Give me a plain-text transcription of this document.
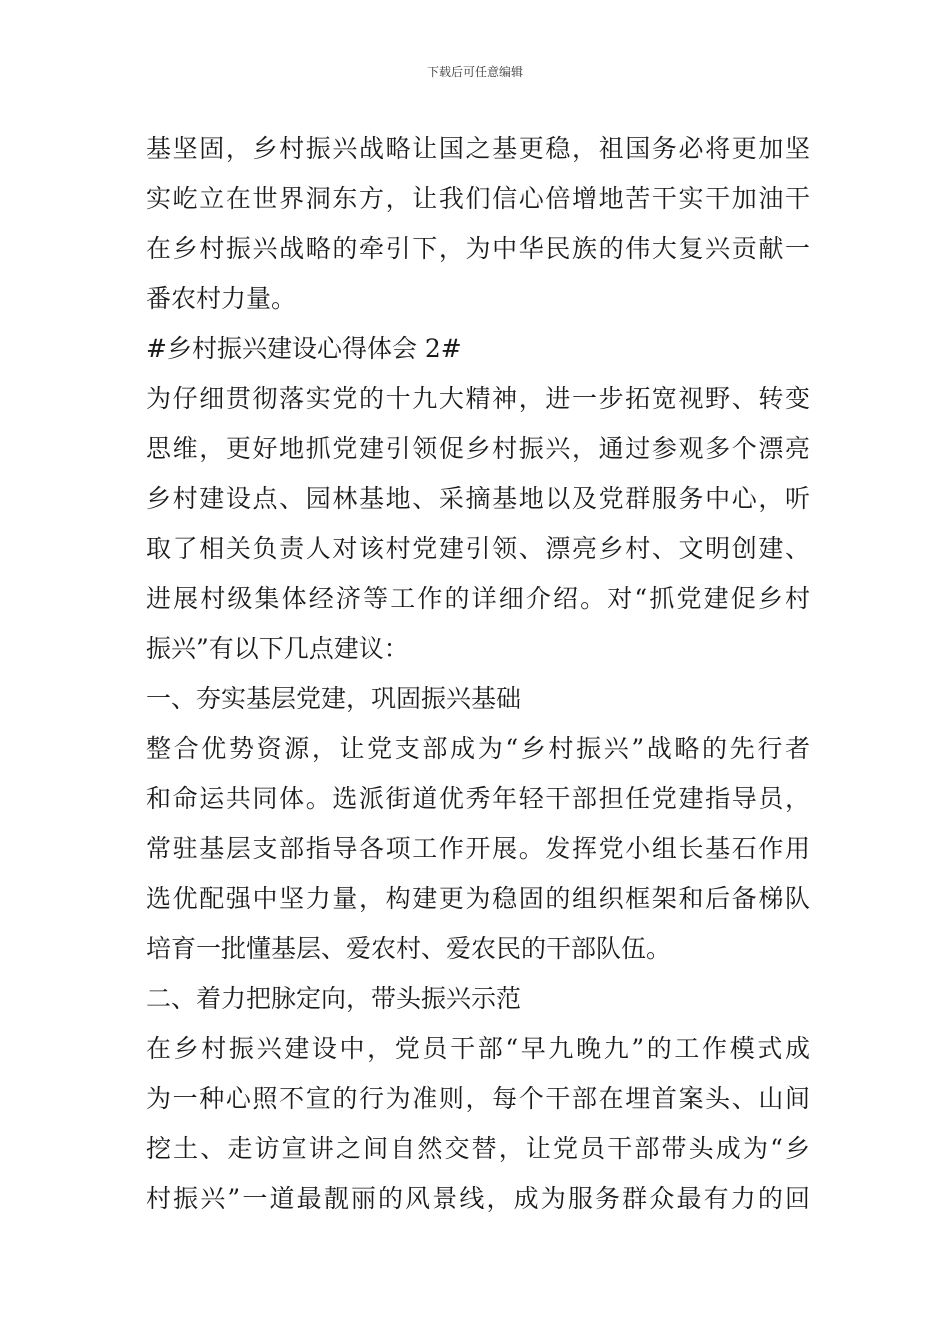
下载后可任意编辑
基坚固，乡村振兴战略让国之基更稳，祖国务必将更加坚
实屹立在世界洞东方，让我们信心倍增地苦干实干加油干
在乡村振兴战略的牵引下，为中华民族的伟大复兴贡献一
番农村力量。
#乡村振兴建设心得体会 2#
为仔细贯彻落实党的十九大精神，进一步拓宽视野、转变
思维，更好地抓党建引领促乡村振兴，通过参观多个漂亮
乡村建设点、园林基地、采摘基地以及党群服务中心，听
取了相关负责人对该村党建引领、漂亮乡村、文明创建、
进展村级集体经济等工作的详细介绍。对“抓党建促乡村
振兴”有以下几点建议：
一、夯实基层党建，巩固振兴基础
整合优势资源，让党支部成为“乡村振兴”战略的先行者
和命运共同体。选派街道优秀年轻干部担任党建指导员，
常驻基层支部指导各项工作开展。发挥党小组长基石作用
选优配强中坚力量，构建更为稳固的组织框架和后备梯队
培育一批懂基层、爱农村、爱农民的干部队伍。
二、着力把脉定向，带头振兴示范
在乡村振兴建设中，党员干部“早九晚九”的工作模式成
为一种心照不宣的行为准则，每个干部在埋首案头、山间
挖土、走访宣讲之间自然交替，让党员干部带头成为“乡
村振兴”一道最靓丽的风景线，成为服务群众最有力的回
